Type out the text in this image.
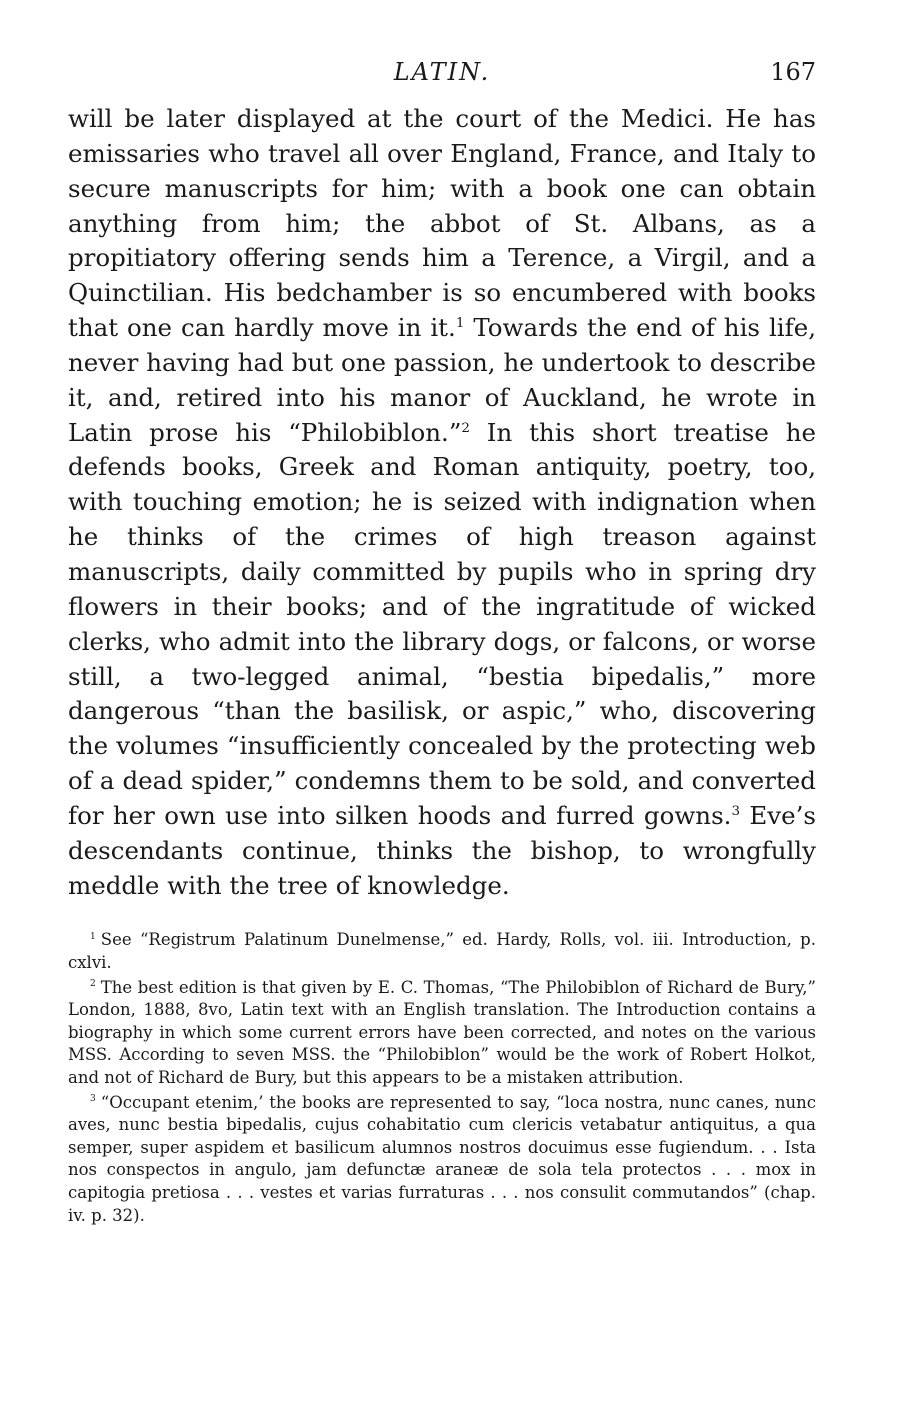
LATIN.	167

will be later displayed at the court of the Medici. He has emissaries who travel all over England, France, and Italy to secure manuscripts for him; with a book one can obtain anything from him; the abbot of St. Albans, as a propitiatory offering sends him a Terence, a Virgil, and a Quinctilian. His bedchamber is so encumbered with books that one can hardly move in it.$^1$ Towards the end of his life, never having had but one passion, he undertook to describe it, and, retired into his manor of Auckland, he wrote in Latin prose his “Philobiblon.”$^2$ In this short treatise he defends books, Greek and Roman antiquity, poetry, too, with touching emotion; he is seized with indignation when he thinks of the crimes of high treason against manuscripts, daily committed by pupils who in spring dry flowers in their books; and of the ingratitude of wicked clerks, who admit into the library dogs, or falcons, or worse still, a two-legged animal, “bestia bipedalis,” more dangerous “than the basilisk, or aspic,” who, discovering the volumes “insufficiently concealed by the protecting web of a dead spider,” condemns them to be sold, and converted for her own use into silken hoods and furred gowns.$^3$ Eve’s descendants continue, thinks the bishop, to wrongfully meddle with the tree of knowledge.

$^1$ See “Registrum Palatinum Dunelmense,” ed. Hardy, Rolls, vol. iii. Introduction, p. cxlvi.

$^2$ The best edition is that given by E. C. Thomas, “The Philobiblon of Richard de Bury,” London, 1888, 8vo, Latin text with an English translation. The Introduction contains a biography in which some current errors have been corrected, and notes on the various MSS. According to seven MSS. the “Philobiblon” would be the work of Robert Holkot, and not of Richard de Bury, but this appears to be a mistaken attribution.

$^3$ “Occupant etenim,’ the books are represented to say, “loca nostra, nunc canes, nunc aves, nunc bestia bipedalis, cujus cohabitatio cum clericis vetabatur antiquitus, a qua semper, super aspidem et basilicum alumnos nostros docuimus esse fugiendum. . . Ista nos conspectos in angulo, jam defunctæ araneæ de sola tela protectos . . . mox in capitogia pretiosa . . . vestes et varias furraturas . . . nos consulit commutandos” (chap. iv. p. 32).
